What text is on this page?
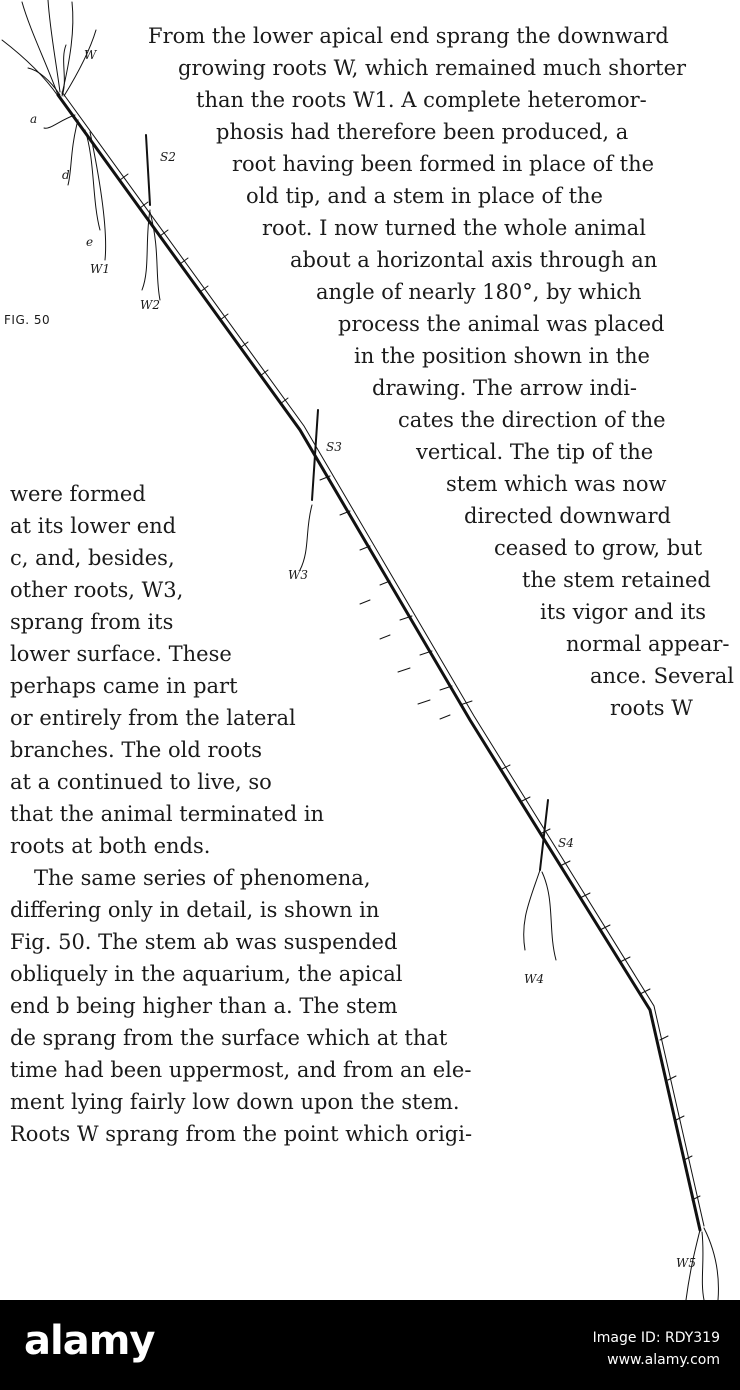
FIG. 50
W
a
S2
d
e
W1
W2
S3
W3
S4
W4
W5
From the lower apical end sprang the downward
growing roots W, which remained much shorter
than the roots W1. A complete heteromor-
phosis had therefore been produced, a
root having been formed in place of the
old tip, and a stem in place of the
root. I now turned the whole animal
about a horizontal axis through an
angle of nearly 180°, by which
process the animal was placed
in the position shown in the
drawing. The arrow indi-
cates the direction of the
vertical. The tip of the
stem which was now
directed downward
ceased to grow, but
the stem retained
its vigor and its
normal appear-
ance. Several
roots W
were formed
at its lower end
c, and, besides,
other roots, W3,
sprang from its
lower surface. These
perhaps came in part
or entirely from the lateral
branches. The old roots
at a continued to live, so
that the animal terminated in
roots at both ends.
The same series of phenomena,
differing only in detail, is shown in
Fig. 50. The stem ab was suspended
obliquely in the aquarium, the apical
end b being higher than a. The stem
de sprang from the surface which at that
time had been uppermost, and from an ele-
ment lying fairly low down upon the stem.
Roots W sprang from the point which origi-
alamy	Image ID: RDY319
www.alamy.com
